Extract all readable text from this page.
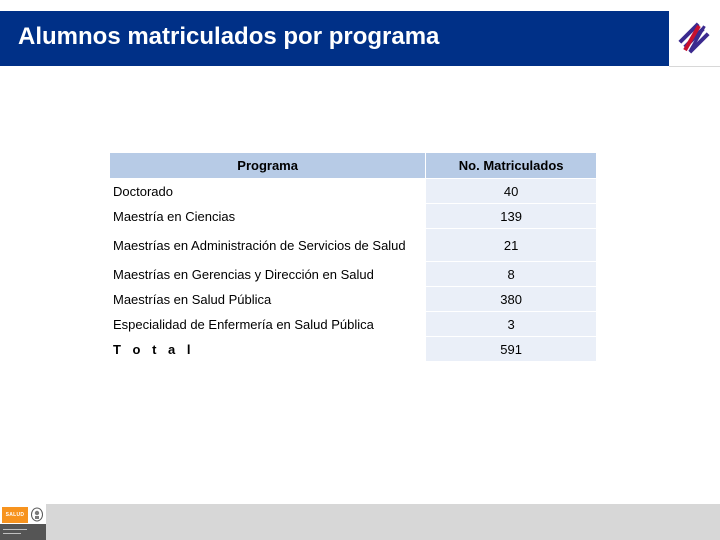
Alumnos matriculados por programa
Programa	No. Matriculados
Doctorado	40
Maestría en Ciencias	139
Maestrías en Administración de Servicios de Salud	21
Maestrías en Gerencias y Dirección en Salud	8
Maestrías en Salud Pública	380
Especialidad de Enfermería en Salud Pública	3
T o t a l	591
SALUD
